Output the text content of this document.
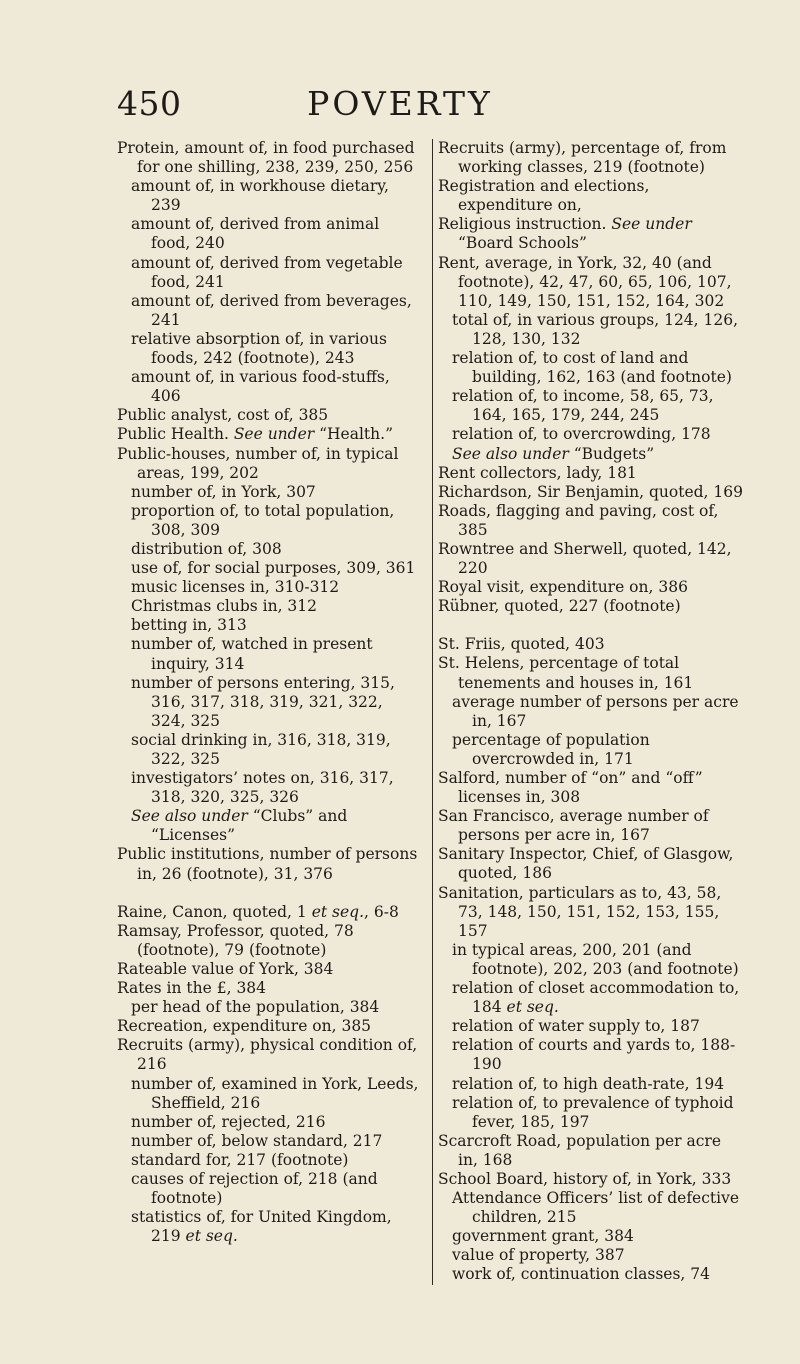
450	POVERTY
Protein, amount of, in food purchased for one shilling, 238, 239, 250, 256
amount of, in workhouse dietary, 239
amount of, derived from animal food, 240
amount of, derived from vegetable food, 241
amount of, derived from beverages, 241
relative absorption of, in various foods, 242 (footnote), 243
amount of, in various food-stuffs, 406
Public analyst, cost of, 385
Public Health. See under “Health.”
Public-houses, number of, in typical areas, 199, 202
number of, in York, 307
proportion of, to total population, 308, 309
distribution of, 308
use of, for social purposes, 309, 361
music licenses in, 310-312
Christmas clubs in, 312
betting in, 313
number of, watched in present inquiry, 314
number of persons entering, 315, 316, 317, 318, 319, 321, 322, 324, 325
social drinking in, 316, 318, 319, 322, 325
investigators’ notes on, 316, 317, 318, 320, 325, 326
See also under “Clubs” and “Licenses”
Public institutions, number of persons in, 26 (footnote), 31, 376
Raine, Canon, quoted, 1 et seq., 6-8
Ramsay, Professor, quoted, 78 (footnote), 79 (footnote)
Rateable value of York, 384
Rates in the £, 384
per head of the population, 384
Recreation, expenditure on, 385
Recruits (army), physical condition of, 216
number of, examined in York, Leeds, Sheffield, 216
number of, rejected, 216
number of, below standard, 217
standard for, 217 (footnote)
causes of rejection of, 218 (and footnote)
statistics of, for United Kingdom, 219 et seq.
Recruits (army), percentage of, from working classes, 219 (footnote)
Registration and elections, expenditure on,
Religious instruction. See under “Board Schools”
Rent, average, in York, 32, 40 (and footnote), 42, 47, 60, 65, 106, 107, 110, 149, 150, 151, 152, 164, 302
total of, in various groups, 124, 126, 128, 130, 132
relation of, to cost of land and building, 162, 163 (and footnote)
relation of, to income, 58, 65, 73, 164, 165, 179, 244, 245
relation of, to overcrowding, 178
See also under “Budgets”
Rent collectors, lady, 181
Richardson, Sir Benjamin, quoted, 169
Roads, flagging and paving, cost of, 385
Rowntree and Sherwell, quoted, 142, 220
Royal visit, expenditure on, 386
Rübner, quoted, 227 (footnote)
St. Friis, quoted, 403
St. Helens, percentage of total tenements and houses in, 161
average number of persons per acre in, 167
percentage of population overcrowded in, 171
Salford, number of “on” and “off” licenses in, 308
San Francisco, average number of persons per acre in, 167
Sanitary Inspector, Chief, of Glasgow, quoted, 186
Sanitation, particulars as to, 43, 58, 73, 148, 150, 151, 152, 153, 155, 157
in typical areas, 200, 201 (and footnote), 202, 203 (and footnote)
relation of closet accommodation to, 184 et seq.
relation of water supply to, 187
relation of courts and yards to, 188-190
relation of, to high death-rate, 194
relation of, to prevalence of typhoid fever, 185, 197
Scarcroft Road, population per acre in, 168
School Board, history of, in York, 333
Attendance Officers’ list of defective children, 215
government grant, 384
value of property, 387
work of, continuation classes, 74
